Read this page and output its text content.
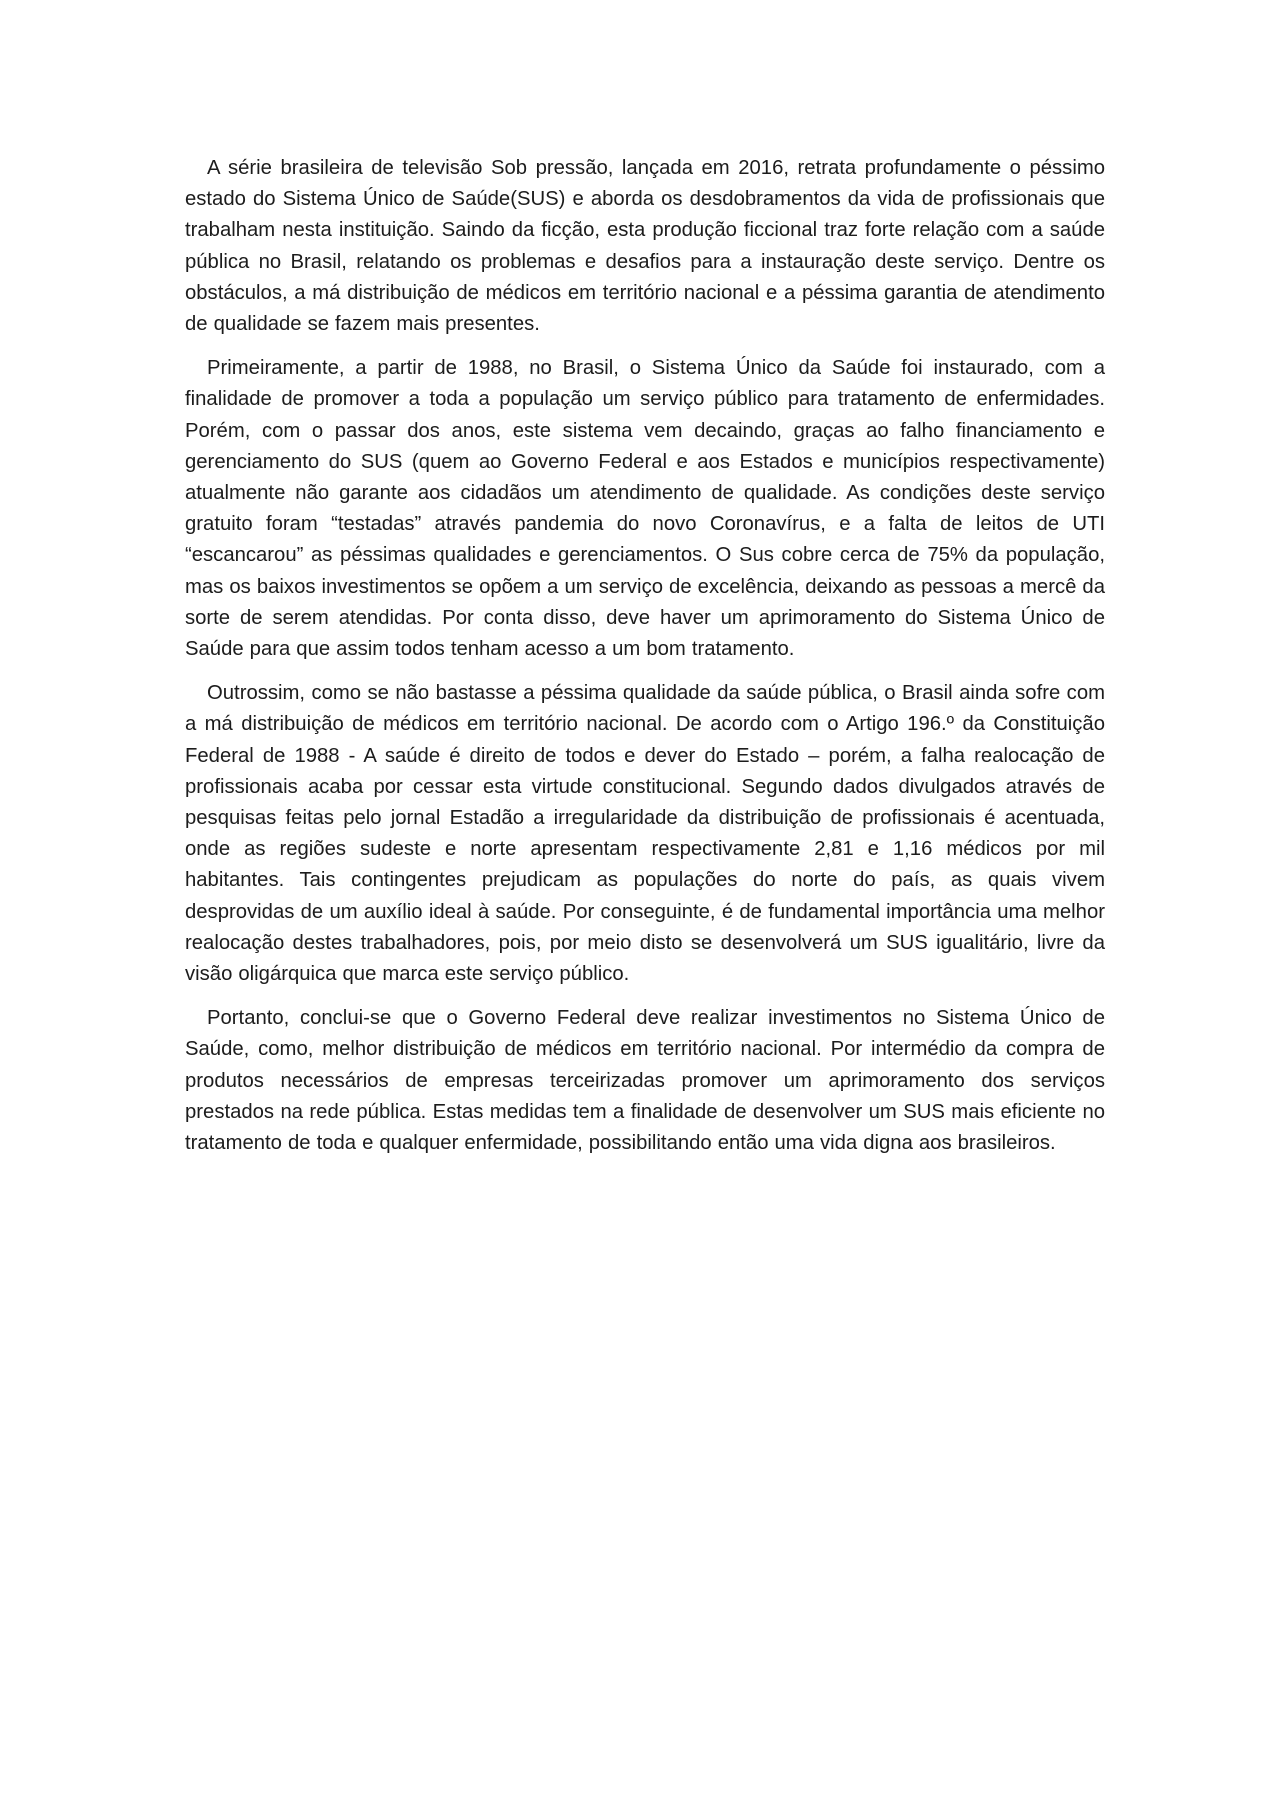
A série brasileira de televisão Sob pressão, lançada em 2016, retrata profundamente o péssimo estado do Sistema Único de Saúde(SUS) e aborda os desdobramentos da vida de profissionais que trabalham nesta instituição. Saindo da ficção, esta produção ficcional traz forte relação com a saúde pública no Brasil, relatando os problemas e desafios para a instauração deste serviço. Dentre os obstáculos, a má distribuição de médicos em território nacional e a péssima garantia de atendimento de qualidade se fazem mais presentes.

Primeiramente, a partir de 1988, no Brasil, o Sistema Único da Saúde foi instaurado, com a finalidade de promover a toda a população um serviço público para tratamento de enfermidades. Porém, com o passar dos anos, este sistema vem decaindo, graças ao falho financiamento e gerenciamento do SUS (quem ao Governo Federal e aos Estados e municípios respectivamente) atualmente não garante aos cidadãos um atendimento de qualidade. As condições deste serviço gratuito foram “testadas” através pandemia do novo Coronavírus, e a falta de leitos de UTI “escancarou” as péssimas qualidades e gerenciamentos. O Sus cobre cerca de 75% da população, mas os baixos investimentos se opõem a um serviço de excelência, deixando as pessoas a mercê da sorte de serem atendidas. Por conta disso, deve haver um aprimoramento do Sistema Único de Saúde para que assim todos tenham acesso a um bom tratamento.

Outrossim, como se não bastasse a péssima qualidade da saúde pública, o Brasil ainda sofre com a má distribuição de médicos em território nacional. De acordo com o Artigo 196.º da Constituição Federal de 1988 - A saúde é direito de todos e dever do Estado – porém, a falha realocação de profissionais acaba por cessar esta virtude constitucional. Segundo dados divulgados através de pesquisas feitas pelo jornal Estadão a irregularidade da distribuição de profissionais é acentuada, onde as regiões sudeste e norte apresentam respectivamente 2,81 e 1,16 médicos por mil habitantes. Tais contingentes prejudicam as populações do norte do país, as quais vivem desprovidas de um auxílio ideal à saúde. Por conseguinte, é de fundamental importância uma melhor realocação destes trabalhadores, pois, por meio disto se desenvolverá um SUS igualitário, livre da visão oligárquica que marca este serviço público.

Portanto, conclui-se que o Governo Federal deve realizar investimentos no Sistema Único de Saúde, como, melhor distribuição de médicos em território nacional. Por intermédio da compra de produtos necessários de empresas terceirizadas promover um aprimoramento dos serviços prestados na rede pública. Estas medidas tem a finalidade de desenvolver um SUS mais eficiente no tratamento de toda e qualquer enfermidade, possibilitando então uma vida digna aos brasileiros.
